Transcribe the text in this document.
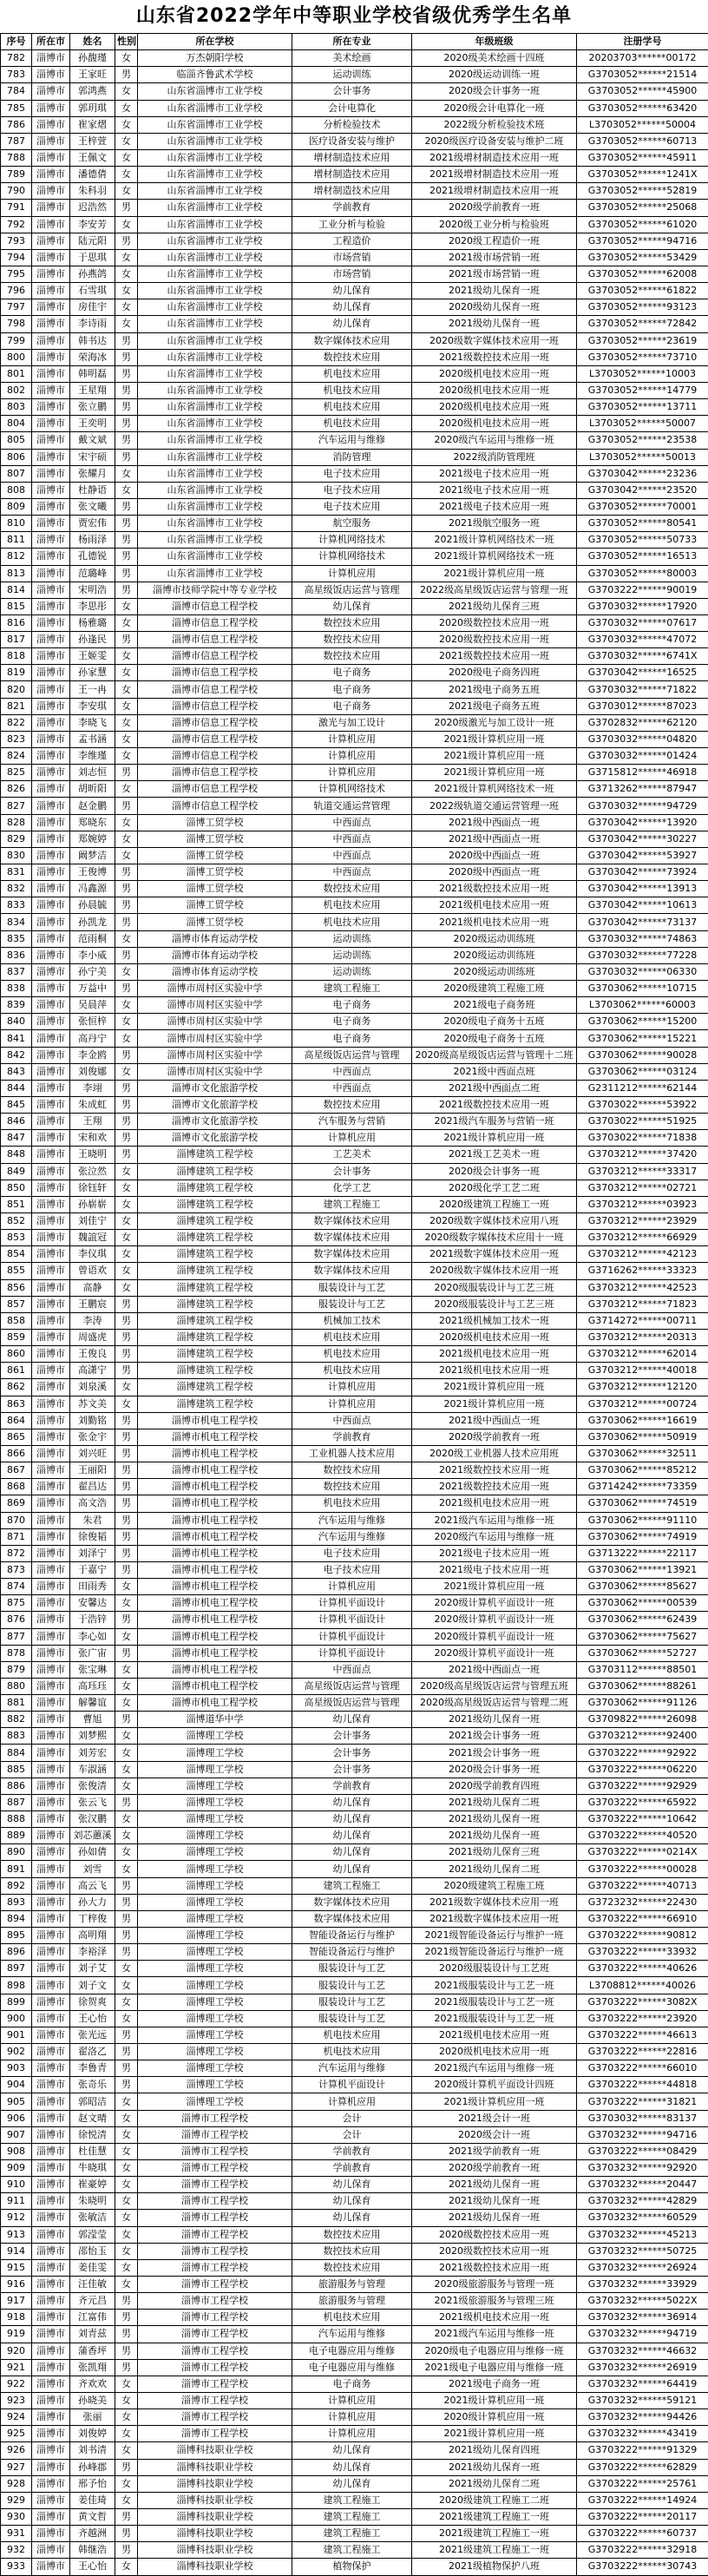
山东省2022学年中等职业学校省级优秀学生名单
序号	所在市	姓名	性别	所在学校	所在专业	年级班级	注册学号
782	淄博市	孙馥瑾	女	万杰朝阳学校	美术绘画	2020级美术绘画十四班	20203703******00172
783	淄博市	王家旺	男	临淄齐鲁武术学校	运动训练	2020级运动训练一班	G3703052******21514
784	淄博市	郭鸿燕	女	山东省淄博市工业学校	会计事务	2020级会计事务一班	G3703052******45900
785	淄博市	郭玥琪	女	山东省淄博市工业学校	会计电算化	2020级会计电算化一班	G3703052******63420
786	淄博市	崔家熠	女	山东省淄博市工业学校	分析检验技术	2022级分析检验技术班	L3703052******50004
787	淄博市	王梓萱	女	山东省淄博市工业学校	医疗设备安装与维护	2020级医疗设备安装与维护二班	G3703052******60713
788	淄博市	王佩文	女	山东省淄博市工业学校	增材制造技术应用	2021级增材制造技术应用一班	G3703052******45911
789	淄博市	潘德倩	女	山东省淄博市工业学校	增材制造技术应用	2021级增材制造技术应用一班	G3703052******1241X
790	淄博市	朱科羽	女	山东省淄博市工业学校	增材制造技术应用	2021级增材制造技术应用一班	G3703052******52819
791	淄博市	迟浩然	男	山东省淄博市工业学校	学前教育	2020级学前教育一班	G3703052******25068
792	淄博市	李安芳	女	山东省淄博市工业学校	工业分析与检验	2020级工业分析与检验班	G3703052******61020
793	淄博市	陆元阳	男	山东省淄博市工业学校	工程造价	2020级工程造价一班	G3703052******94716
794	淄博市	于思琪	女	山东省淄博市工业学校	市场营销	2021级市场营销一班	G3703052******53429
795	淄博市	孙燕鸽	女	山东省淄博市工业学校	市场营销	2021级市场营销一班	G3703052******62008
796	淄博市	石雪琪	女	山东省淄博市工业学校	幼儿保育	2021级幼儿保育一班	G3703052******61822
797	淄博市	房佳宇	女	山东省淄博市工业学校	幼儿保育	2020级幼儿保育一班	G3703052******93123
798	淄博市	李诗雨	女	山东省淄博市工业学校	幼儿保育	2021级幼儿保育一班	G3703052******72842
799	淄博市	韩书达	男	山东省淄博市工业学校	数字媒体技术应用	2020级数字媒体技术应用一班	G3703052******23619
800	淄博市	荣海冰	男	山东省淄博市工业学校	数控技术应用	2021级数控技术应用一班	G3703052******73710
801	淄博市	韩明磊	男	山东省淄博市工业学校	机电技术应用	2020级机电技术应用一班	L3703052******10003
802	淄博市	王星翔	男	山东省淄博市工业学校	机电技术应用	2020级机电技术应用一班	G3703052******14779
803	淄博市	张立鹏	男	山东省淄博市工业学校	机电技术应用	2020级机电技术应用一班	G3703052******13711
804	淄博市	王奕明	男	山东省淄博市工业学校	机电技术应用	2020级机电技术应用一班	L3703052******50007
805	淄博市	戴文斌	男	山东省淄博市工业学校	汽车运用与维修	2020级汽车运用与维修一班	G3703052******23538
806	淄博市	宋宇硕	男	山东省淄博市工业学校	消防管理	2022级消防管理班	L3703052******50013
807	淄博市	张耀月	女	山东省淄博市工业学校	电子技术应用	2021级电子技术应用一班	G3703042******23236
808	淄博市	杜静语	女	山东省淄博市工业学校	电子技术应用	2021级电子技术应用一班	G3703042******23520
809	淄博市	张文曦	男	山东省淄博市工业学校	电子技术应用	2021级电子技术应用一班	G3703052******70001
810	淄博市	贾宏伟	男	山东省淄博市工业学校	航空服务	2021级航空服务一班	G3703052******80541
811	淄博市	杨雨泽	男	山东省淄博市工业学校	计算机网络技术	2021级计算机网络技术一班	G3703052******50733
812	淄博市	孔德锐	男	山东省淄博市工业学校	计算机网络技术	2021级计算机网络技术一班	G3703052******16513
813	淄博市	范璐峰	男	山东省淄博市工业学校	计算机应用	2021级计算机应用一班	G3703052******80003
814	淄博市	宋明浩	男	淄博市技师学院中等专业学校	高星级饭店运营与管理	2022级高星级饭店运营与管理一班	G3703222******90019
815	淄博市	李思彤	女	淄博市信息工程学校	幼儿保育	2021级幼儿保育三班	G3703032******17920
816	淄博市	杨雅璐	女	淄博市信息工程学校	数控技术应用	2020级数控技术应用一班	G3703032******07617
817	淄博市	孙逢民	男	淄博市信息工程学校	数控技术应用	2020级数控技术应用一班	G3703032******47072
818	淄博市	王姬雯	女	淄博市信息工程学校	数控技术应用	2021级数控技术应用一班	G3703032******6741X
819	淄博市	孙家慧	女	淄博市信息工程学校	电子商务	2020级电子商务四班	G3703042******16525
820	淄博市	王一冉	女	淄博市信息工程学校	电子商务	2021级电子商务五班	G3703032******71822
821	淄博市	李安琪	女	淄博市信息工程学校	电子商务	2021级电子商务五班	G3703012******87023
822	淄博市	李晓飞	女	淄博市信息工程学校	激光与加工设计	2020级激光与加工设计一班	G3702832******62120
823	淄博市	孟书涵	女	淄博市信息工程学校	计算机应用	2021级计算机应用一班	G3703032******04820
824	淄博市	李维瑾	女	淄博市信息工程学校	计算机应用	2021级计算机应用一班	G3703032******01424
825	淄博市	刘志恒	男	淄博市信息工程学校	计算机应用	2021级计算机应用一班	G3715812******46918
826	淄博市	胡昕阳	女	淄博市信息工程学校	计算机网络技术	2021级计算机网络技术一班	G3713262******87947
827	淄博市	赵金鹏	男	淄博市信息工程学校	轨道交通运营管理	2022级轨道交通运营管理一班	G3703032******94729
828	淄博市	郑晓东	女	淄博工贸学校	中西面点	2021级中西面点一班	G3703042******13920
829	淄博市	郑婉婷	女	淄博工贸学校	中西面点	2021级中西面点一班	G3703042******30227
830	淄博市	阚梦洁	女	淄博工贸学校	中西面点	2020级中西面点一班	G3703042******53927
831	淄博市	王俊博	男	淄博工贸学校	中西面点	2020级中西面点一班	G3703042******73924
832	淄博市	冯鑫源	男	淄博工贸学校	数控技术应用	2021级数控技术应用一班	G3703042******13913
833	淄博市	孙晨毓	男	淄博工贸学校	机电技术应用	2021级机电技术应用一班	G3703042******10613
834	淄博市	孙凯龙	男	淄博工贸学校	机电技术应用	2021级机电技术应用一班	G3703042******73137
835	淄博市	范雨桐	女	淄博市体育运动学校	运动训练	2020级运动训练班	G3703032******74863
836	淄博市	李小威	男	淄博市体育运动学校	运动训练	2020级运动训练班	G3703032******77228
837	淄博市	孙宁美	女	淄博市体育运动学校	运动训练	2020级运动训练班	G3703032******06330
838	淄博市	万益中	男	淄博市周村区实验中学	建筑工程施工	2020级建筑工程施工班	G3703062******10715
839	淄博市	吴晨萍	女	淄博市周村区实验中学	电子商务	2021级电子商务班	L3703062******60003
840	淄博市	张恒梓	女	淄博市周村区实验中学	电子商务	2020级电子商务十五班	G3703062******15200
841	淄博市	高丹宁	女	淄博市周村区实验中学	电子商务	2020级电子商务十五班	G3703062******15221
842	淄博市	李金鸥	男	淄博市周村区实验中学	高星级饭店运营与管理	2020级高星级饭店运营与管理十二班	G3703062******90028
843	淄博市	刘俊娜	女	淄博市周村区实验中学	中西面点	2021级中西面点班	G3703062******03124
844	淄博市	李翊	男	淄博市文化旅游学校	中西面点	2021级中西面点二班	G2311212******62144
845	淄博市	朱成虹	男	淄博市文化旅游学校	数控技术应用	2021级数控技术应用一班	G3703022******53922
846	淄博市	王翔	男	淄博市文化旅游学校	汽车服务与营销	2021级汽车服务与营销一班	G3703022******51925
847	淄博市	宋和欢	男	淄博市文化旅游学校	计算机应用	2021级计算机应用一班	G3703022******71838
848	淄博市	王晓明	男	淄博建筑工程学校	工艺美术	2021级工艺美术一班	G3703212******37420
849	淄博市	张泣然	女	淄博建筑工程学校	会计事务	2020级会计事务一班	G3703212******33317
850	淄博市	徐钰轩	女	淄博建筑工程学校	化学工艺	2020级化学工艺二班	G3703212******02721
851	淄博市	孙崭崭	女	淄博建筑工程学校	建筑工程施工	2020级建筑工程施工一班	G3703212******03923
852	淄博市	刘佳宁	女	淄博建筑工程学校	数字媒体技术应用	2020级数字媒体技术应用八班	G3703212******23929
853	淄博市	魏誼冠	女	淄博建筑工程学校	数字媒体技术应用	2020级数字媒体技术应用十一班	G3703212******66929
854	淄博市	李仪琪	女	淄博建筑工程学校	数字媒体技术应用	2021级数字媒体技术应用一班	G3703212******42123
855	淄博市	曾语欢	女	淄博建筑工程学校	数字媒体技术应用	2020级数字媒体技术应用一班	G3716262******33323
856	淄博市	高静	女	淄博建筑工程学校	服装设计与工艺	2020级服装设计与工艺三班	G3703212******42523
857	淄博市	王鹏宸	男	淄博建筑工程学校	服装设计与工艺	2020级服装设计与工艺三班	G3703212******71823
858	淄博市	李涛	男	淄博建筑工程学校	机械加工技术	2021级机械加工技术一班	G3714272******00711
859	淄博市	周盛虎	男	淄博建筑工程学校	机电技术应用	2020级机电技术应用一班	G3703212******20313
860	淄博市	王俊良	男	淄博建筑工程学校	机电技术应用	2021级机电技术应用一班	G3703212******62014
861	淄博市	高潇宁	男	淄博建筑工程学校	机电技术应用	2021级机电技术应用一班	G3703212******40018
862	淄博市	刘泉溪	女	淄博建筑工程学校	计算机应用	2021级计算机应用一班	G3703212******12120
863	淄博市	苏文美	女	淄博建筑工程学校	计算机应用	2021级计算机应用一班	G3703212******00724
864	淄博市	刘勤铭	男	淄博市机电工程学校	中西面点	2021级中西面点一班	G3703062******16619
865	淄博市	张金宇	男	淄博市机电工程学校	学前教育	2020级学前教育一班	G3703062******50919
866	淄博市	刘兴旺	男	淄博市机电工程学校	工业机器人技术应用	2020级工业机器人技术应用班	G3703062******32511
867	淄博市	王丽阳	男	淄博市机电工程学校	数控技术应用	2021级数控技术应用一班	G3703062******85212
868	淄博市	翟昌达	男	淄博市机电工程学校	数控技术应用	2021级数控技术应用一班	G3714242******73359
869	淄博市	高文浩	男	淄博市机电工程学校	机电技术应用	2021级机电技术应用一班	G3703062******74519
870	淄博市	朱君	男	淄博市机电工程学校	汽车运用与维修	2021级汽车运用与维修一班	G3703062******91110
871	淄博市	徐俊韬	男	淄博市机电工程学校	汽车运用与维修	2020级汽车运用与维修一班	G3703062******74919
872	淄博市	刘泽宁	男	淄博市机电工程学校	电子技术应用	2021级电子技术应用一班	G3713222******22117
873	淄博市	于嘉宁	男	淄博市机电工程学校	电子技术应用	2021级电子技术应用一班	G3703062******13921
874	淄博市	田雨秀	女	淄博市机电工程学校	计算机应用	2021级计算机应用一班	G3703062******85627
875	淄博市	安馨达	女	淄博市机电工程学校	计算机平面设计	2020级计算机平面设计一班	G3703062******00539
876	淄博市	于浩锌	男	淄博市机电工程学校	计算机平面设计	2020级计算机平面设计一班	G3703062******62439
877	淄博市	李心如	女	淄博市机电工程学校	计算机平面设计	2020级计算机平面设计一班	G3703062******75627
878	淄博市	张广宙	男	淄博市机电工程学校	计算机平面设计	2020级计算机平面设计一班	G3703062******52727
879	淄博市	张宝琳	女	淄博市机电工程学校	中西面点	2021级中西面点一班	G3703112******88501
880	淄博市	高珏珏	女	淄博市机电工程学校	高星级饭店运营与管理	2020级高星级饭店运营与管理五班	G3703062******88261
881	淄博市	解馨谊	女	淄博市机电工程学校	高星级饭店运营与管理	2020级高星级饭店运营与管理二班	G3703062******91126
882	淄博市	曹旭	男	淄博道华中学	幼儿保育	2021级幼儿保育一班	G3709822******26098
883	淄博市	刘梦熙	女	淄博理工学校	会计事务	2021级会计事务一班	G3703212******92400
884	淄博市	刘芳宏	女	淄博理工学校	会计事务	2021级会计事务一班	G3703222******92922
885	淄博市	车淑涵	女	淄博理工学校	会计事务	2020级会计事务一班	G3703222******06220
886	淄博市	张俊清	女	淄博理工学校	学前教育	2020级学前教育四班	G3703222******92929
887	淄博市	张云飞	男	淄博理工学校	幼儿保育	2021级幼儿保育二班	G3703222******65922
888	淄博市	张汉鹏	女	淄博理工学校	幼儿保育	2021级幼儿保育一班	G3703222******10642
889	淄博市	刘芯蕙溪	女	淄博理工学校	幼儿保育	2021级幼儿保育一班	G3703222******40520
890	淄博市	孙如倩	女	淄博理工学校	幼儿保育	2021级幼儿保育三班	G3703222******0214X
891	淄博市	刘雪	女	淄博理工学校	幼儿保育	2021级幼儿保育二班	G3703222******00028
892	淄博市	高云飞	男	淄博理工学校	建筑工程施工	2020级建筑工程施工班	G3703222******40713
893	淄博市	孙大力	男	淄博理工学校	数字媒体技术应用	2021级数字媒体技术应用一班	G3723232******22430
894	淄博市	丁梓俊	男	淄博理工学校	数字媒体技术应用	2021级数字媒体技术应用一班	G3703222******66910
895	淄博市	高明翔	男	淄博理工学校	智能设备运行与维护	2021级智能设备运行与维护一班	G3703222******90812
896	淄博市	李裕泽	男	淄博理工学校	智能设备运行与维护	2021级智能设备运行与维护一班	G3703222******33932
897	淄博市	刘子艾	女	淄博理工学校	服装设计与工艺	2020级服装设计与工艺班	G3703222******40626
898	淄博市	刘子文	女	淄博理工学校	服装设计与工艺	2021级服装设计与工艺一班	L3708812******40026
899	淄博市	徐贺爽	女	淄博理工学校	服装设计与工艺	2021级服装设计与工艺一班	G3703222******3082X
900	淄博市	王心怡	女	淄博理工学校	服装设计与工艺	2021级服装设计与工艺一班	G3703222******23920
901	淄博市	张光远	男	淄博理工学校	机电技术应用	2021级机电技术应用一班	G3703222******46613
902	淄博市	翟洛乙	男	淄博理工学校	机电技术应用	2020级机电技术应用一班	G3703222******22816
903	淄博市	李鲁青	男	淄博理工学校	汽车运用与维修	2021级汽车运用与维修一班	G3703222******66010
904	淄博市	张奇乐	男	淄博理工学校	计算机平面设计	2020级计算机平面设计四班	G3703222******44818
905	淄博市	郭昭洁	女	淄博理工学校	计算机应用	2021级计算机应用一班	G3703222******31821
906	淄博市	赵文晴	女	淄博市工程学校	会计	2021级会计一班	G3703032******83137
907	淄博市	徐悦清	女	淄博市工程学校	会计	2020级会计一班	G3703232******94716
908	淄博市	杜佳慧	女	淄博市工程学校	学前教育	2021级学前教育一班	G3703222******08429
909	淄博市	牛晓琪	女	淄博市工程学校	学前教育	2020级学前教育一班	G3703232******92920
910	淄博市	崔豪婷	女	淄博市工程学校	幼儿保育	2021级幼儿保育一班	G3703232******20447
911	淄博市	朱晓明	女	淄博市工程学校	幼儿保育	2021级幼儿保育一班	G3703232******42829
912	淄博市	张敏洁	女	淄博市工程学校	幼儿保育	2021级幼儿保育一班	G3703232******60529
913	淄博市	郭滢莹	女	淄博市工程学校	数控技术应用	2020级数控技术应用一班	G3703232******45213
914	淄博市	邵怡玉	女	淄博市工程学校	数控技术应用	2020级数控技术应用一班	G3703232******50725
915	淄博市	姜佳雯	女	淄博市工程学校	数控技术应用	2021级数控技术应用一班	G3703232******26924
916	淄博市	汪佳敏	女	淄博市工程学校	旅游服务与管理	2020级旅游服务与管理一班	G3703232******33929
917	淄博市	齐元昌	男	淄博市工程学校	旅游服务与管理	2021级旅游服务与管理三班	G3703232******5022X
918	淄博市	江富伟	男	淄博市工程学校	机电技术应用	2021级机电技术应用一班	G3703232******36914
919	淄博市	刘青兹	男	淄博市工程学校	汽车运用与维修	2021级汽车运用与维修一班	G3703232******94719
920	淄博市	蒲香坪	男	淄博市工程学校	电子电器应用与维修	2020级电子电器应用与维修一班	G3703232******46632
921	淄博市	张凯翔	男	淄博市工程学校	电子电器应用与维修	2021级电子电器应用与维修一班	G3703232******26919
922	淄博市	齐欢欢	女	淄博市工程学校	电子商务	2021级电子商务一班	G3703232******64419
923	淄博市	孙晓美	女	淄博市工程学校	计算机应用	2021级计算机应用一班	G3703232******59121
924	淄博市	张丽	女	淄博市工程学校	计算机应用	2020级计算机应用一班	G3703232******94426
925	淄博市	刘俊婷	女	淄博市工程学校	计算机应用	2021级计算机应用一班	G3703232******43419
926	淄博市	刘书清	女	淄博科技职业学校	幼儿保育	2021级幼儿保育四班	G3703222******91329
927	淄博市	孙峰郡	男	淄博科技职业学校	幼儿保育	2021级幼儿保育一班	G3703222******62829
928	淄博市	邢予怡	女	淄博科技职业学校	幼儿保育	2021级幼儿保育二班	G3703222******25761
929	淄博市	姜佳琦	女	淄博科技职业学校	建筑工程施工	2020级建筑工程施工二班	G3703222******14924
930	淄博市	黄文哲	男	淄博科技职业学校	建筑工程施工	2021级建筑工程施工一班	G3703222******20117
931	淄博市	齐越洲	男	淄博科技职业学校	建筑工程施工	2021级建筑工程施工一班	G3703222******60737
932	淄博市	韩继浩	男	淄博科技职业学校	建筑工程施工	2021级建筑工程施工一班	G3703222******32918
933	淄博市	王心怡	女	淄博科技职业学校	植物保护	2021级植物保护八班	G3703222******30743
